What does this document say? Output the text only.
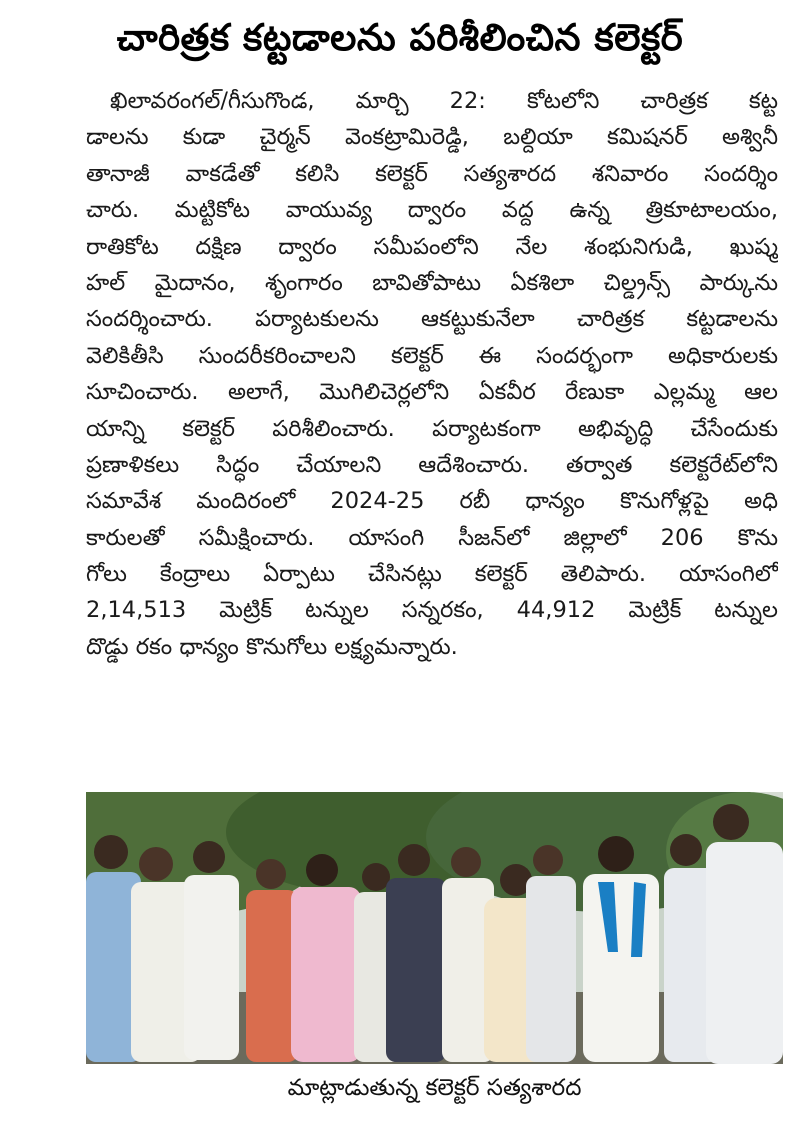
చారిత్రక కట్టడాలను పరిశీలించిన కలెక్టర్
ఖిలావరంగల్/గీసుగొండ, మార్చి 22: కోటలోని చారిత్రక కట్ట
డాలను కుడా చైర్మన్ వెంకట్రామిరెడ్డి, బల్దియా కమిషనర్ అశ్వినీ
తానాజీ వాకడేతో కలిసి కలెక్టర్ సత్యశారద శనివారం సందర్శిం
చారు. మట్టికోట వాయువ్య ద్వారం వద్ద ఉన్న త్రికూటాలయం,
రాతికోట దక్షిణ ద్వారం సమీపంలోని నేల శంభునిగుడి, ఖుష్మ
హల్ మైదానం, శృంగారం బావితోపాటు ఏకశిలా చిల్డ్రన్స్ పార్కును
సందర్శించారు. పర్యాటకులను ఆకట్టుకునేలా చారిత్రక కట్టడాలను
వెలికితీసి సుందరీకరించాలని కలెక్టర్ ఈ సందర్భంగా అధికారులకు
సూచించారు. అలాగే, మొగిలిచెర్లలోని ఏకవీర రేణుకా ఎల్లమ్మ ఆల
యాన్ని కలెక్టర్ పరిశీలించారు. పర్యాటకంగా అభివృద్ధి చేసేందుకు
ప్రణాళికలు సిద్ధం చేయాలని ఆదేశించారు. తర్వాత కలెక్టరేట్‌లోని
సమావేశ మందిరంలో 2024-25 రబీ ధాన్యం కొనుగోళ్లపై అధి
కారులతో సమీక్షించారు. యాసంగి సీజన్‌లో జిల్లాలో 206 కొను
గోలు కేంద్రాలు ఏర్పాటు చేసినట్లు కలెక్టర్ తెలిపారు. యాసంగిలో
2,14,513 మెట్రిక్ టన్నుల సన్నరకం, 44,912 మెట్రిక్ టన్నుల
దొడ్డు రకం ధాన్యం కొనుగోలు లక్ష్యమన్నారు.
మాట్లాడుతున్న కలెక్టర్ సత్యశారద
